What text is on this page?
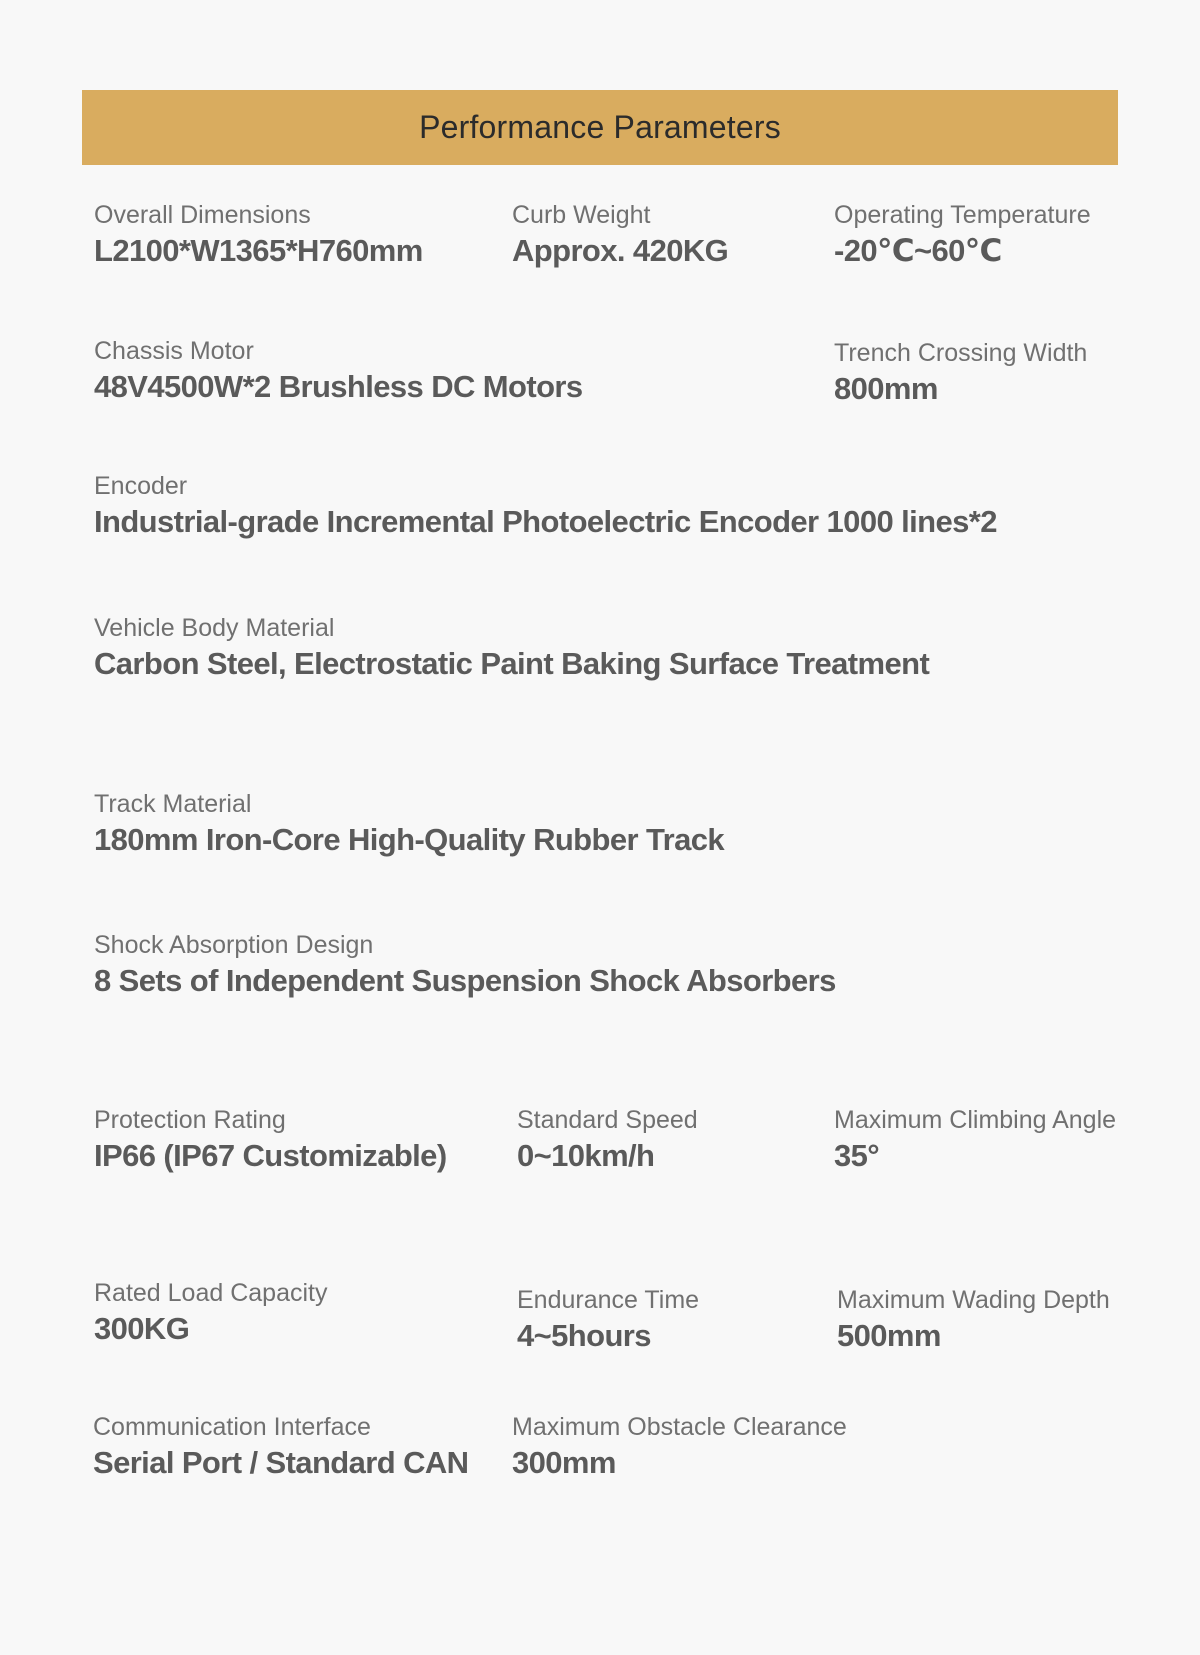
Performance Parameters
Overall Dimensions
L2100*W1365*H760mm
Curb Weight
Approx. 420KG
Operating Temperature
-20℃~60℃
Chassis Motor
48V4500W*2 Brushless DC Motors
Trench Crossing Width
800mm
Encoder
Industrial-grade Incremental Photoelectric Encoder 1000 lines*2
Vehicle Body Material
Carbon Steel, Electrostatic Paint Baking Surface Treatment
Track Material
180mm Iron-Core High-Quality Rubber Track
Shock Absorption Design
8 Sets of Independent Suspension Shock Absorbers
Protection Rating
IP66 (IP67 Customizable)
Standard Speed
0~10km/h
Maximum Climbing Angle
35°
Rated Load Capacity
300KG
Endurance Time
4~5hours
Maximum Wading Depth
500mm
Communication Interface
Serial Port / Standard CAN
Maximum Obstacle Clearance
300mm
